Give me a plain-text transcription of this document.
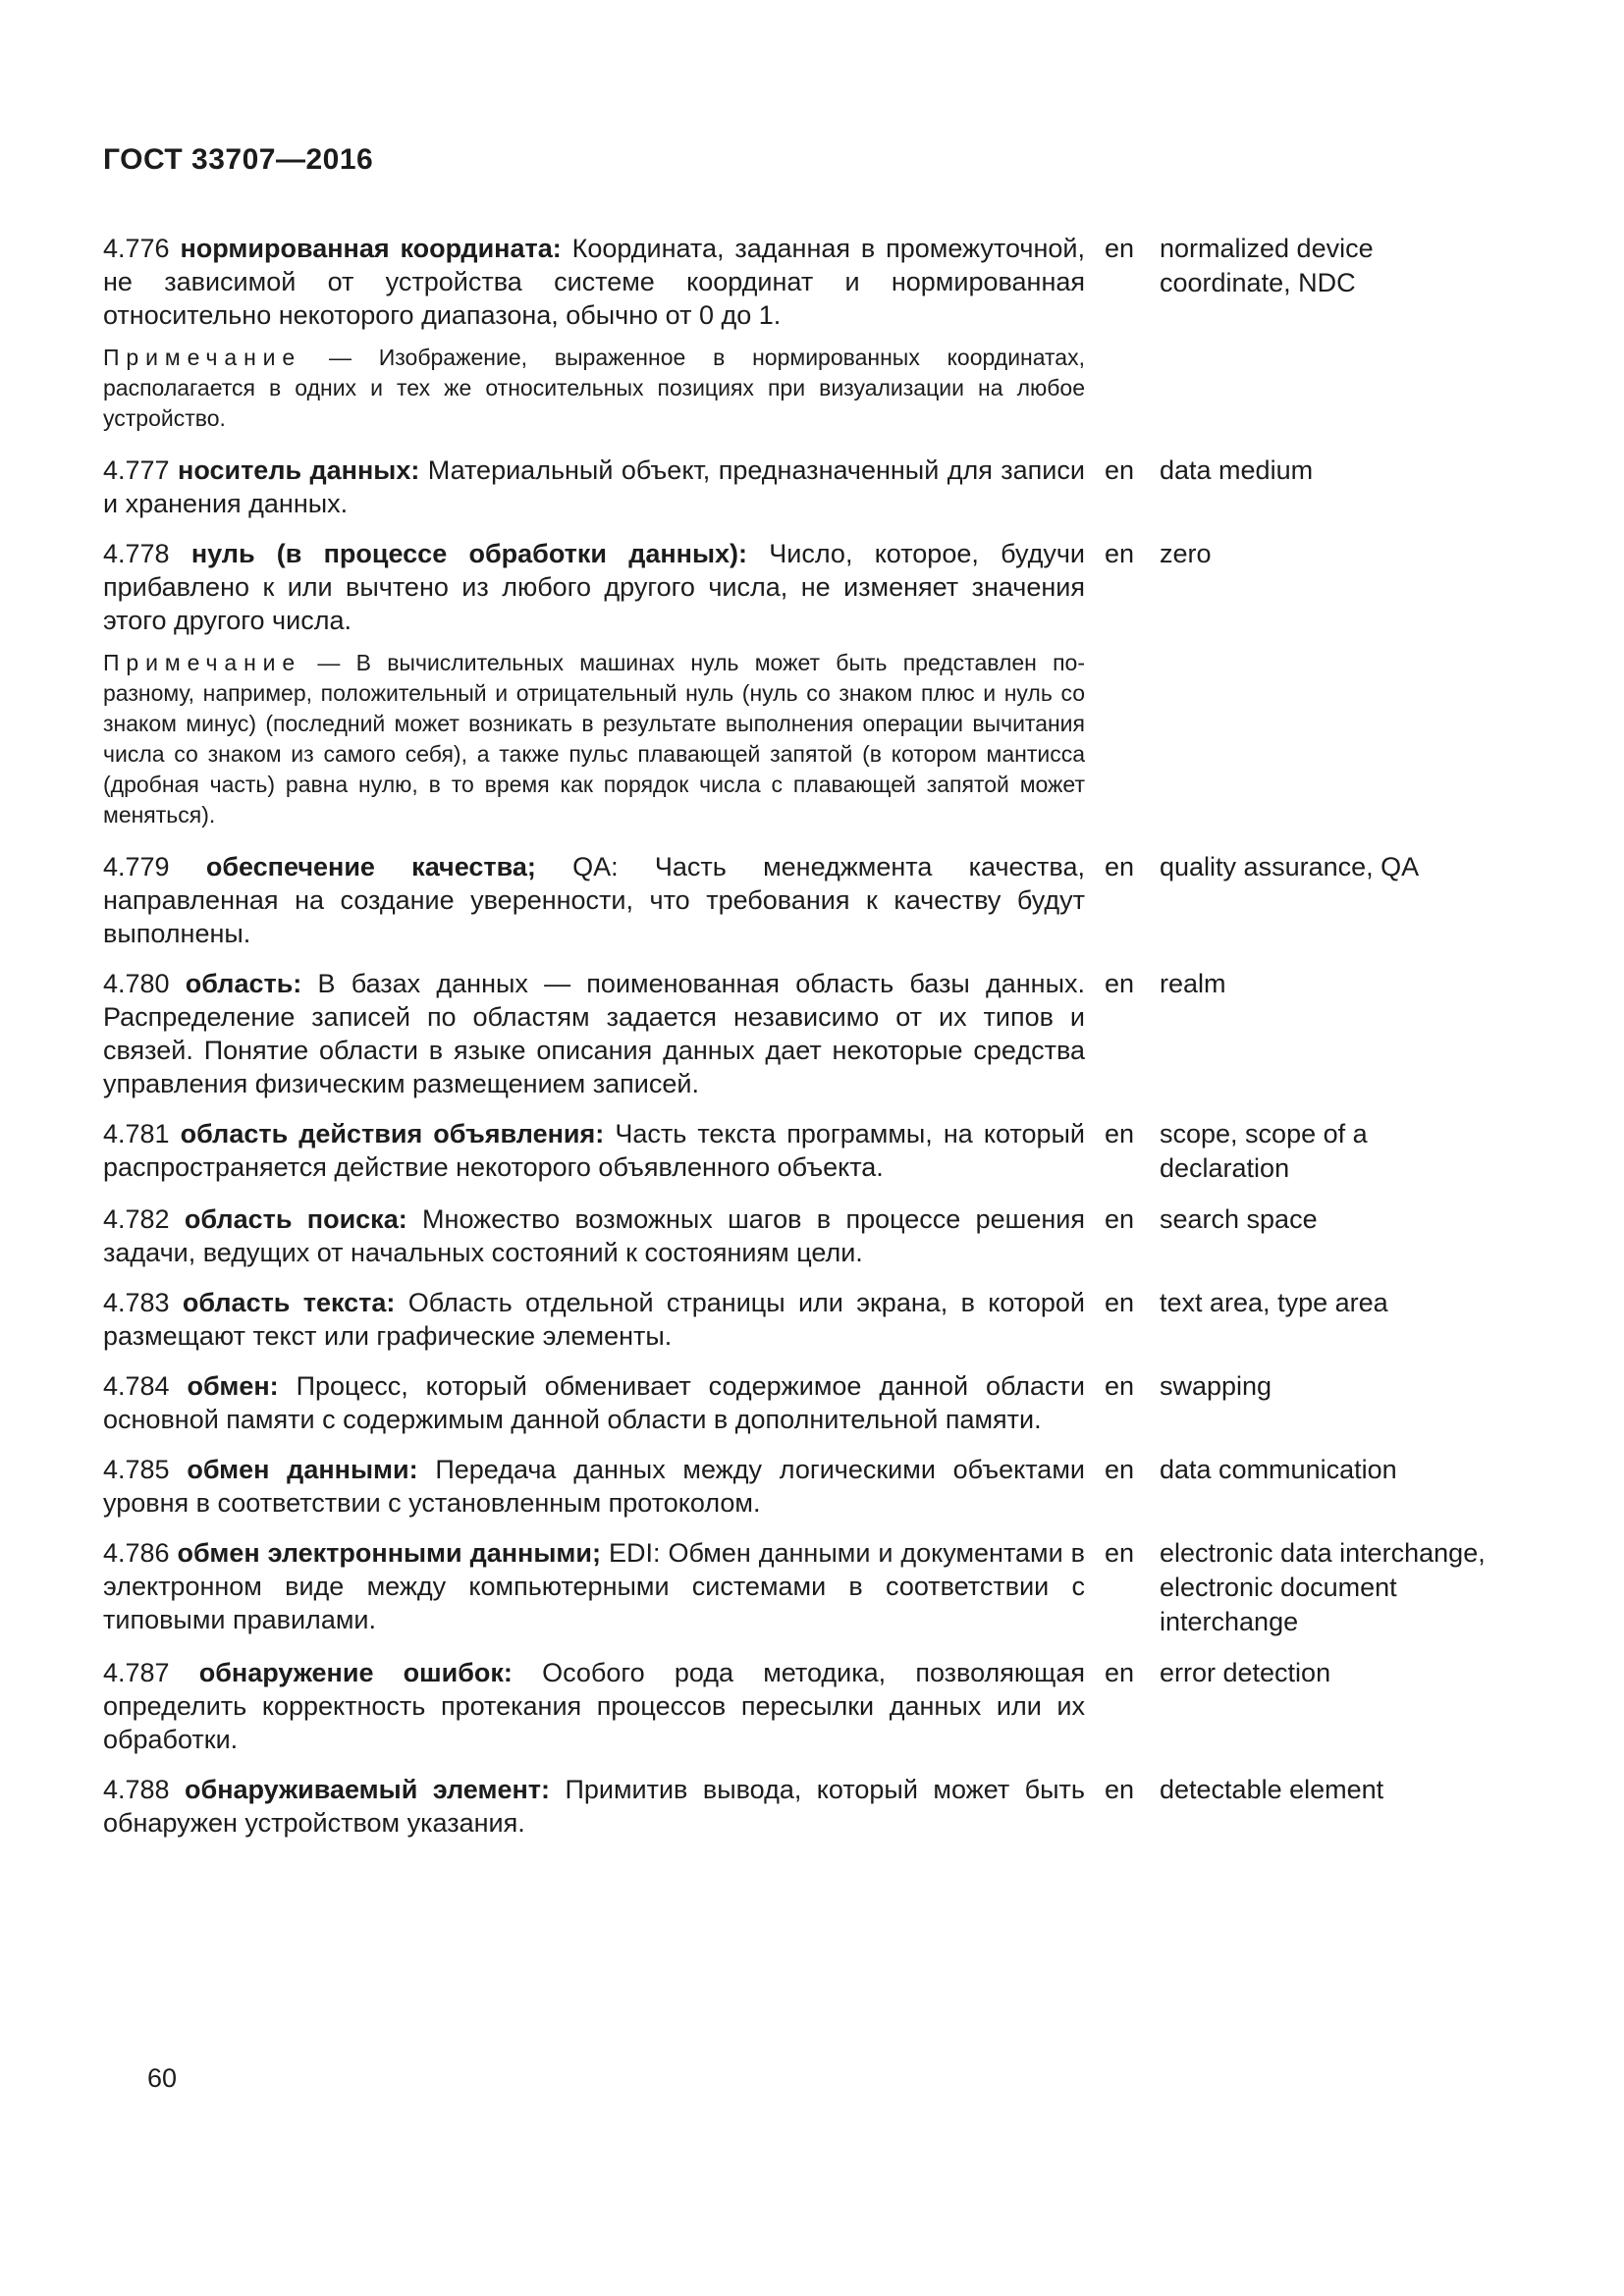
ГОСТ 33707—2016

4.776 нормированная координата: Координата, заданная в промежуточной, не зависимой от устройства системе координат и нормированная относительно некоторого диапазона, обычно от 0 до 1.

Примечание — Изображение, выраженное в нормированных координатах, располагается в одних и тех же относительных позициях при визуализации на любое устройство.

en normalized device coordinate, NDC

4.777 носитель данных: Материальный объект, предназначенный для записи и хранения данных.

en data medium

4.778 нуль (в процессе обработки данных): Число, которое, будучи прибавлено к или вычтено из любого другого числа, не изменяет значения этого другого числа.

Примечание — В вычислительных машинах нуль может быть представлен по-разному, например, положительный и отрицательный нуль (нуль со знаком плюс и нуль со знаком минус) (последний может возникать в результате выполнения операции вычитания числа со знаком из самого себя), а также пульс плавающей запятой (в котором мантисса (дробная часть) равна нулю, в то время как порядок числа с плавающей запятой может меняться).

en zero

4.779 обеспечение качества; QA: Часть менеджмента качества, направленная на создание уверенности, что требования к качеству будут выполнены.

en quality assurance, QA

4.780 область: В базах данных — поименованная область базы данных. Распределение записей по областям задается независимо от их типов и связей. Понятие области в языке описания данных дает некоторые средства управления физическим размещением записей.

en realm

4.781 область действия объявления: Часть текста программы, на который распространяется действие некоторого объявленного объекта.

en scope, scope of a declaration

4.782 область поиска: Множество возможных шагов в процессе решения задачи, ведущих от начальных состояний к состояниям цели.

en search space

4.783 область текста: Область отдельной страницы или экрана, в которой размещают текст или графические элементы.

en text area, type area

4.784 обмен: Процесс, который обменивает содержимое данной области основной памяти с содержимым данной области в дополнительной памяти.

en swapping

4.785 обмен данными: Передача данных между логическими объектами уровня в соответствии с установленным протоколом.

en data communication

4.786 обмен электронными данными; EDI: Обмен данными и документами в электронном виде между компьютерными системами в соответствии с типовыми правилами.

en electronic data interchange, electronic document interchange

4.787 обнаружение ошибок: Особого рода методика, позволяющая определить корректность протекания процессов пересылки данных или их обработки.

en error detection

4.788 обнаруживаемый элемент: Примитив вывода, который может быть обнаружен устройством указания.

en detectable element
60
